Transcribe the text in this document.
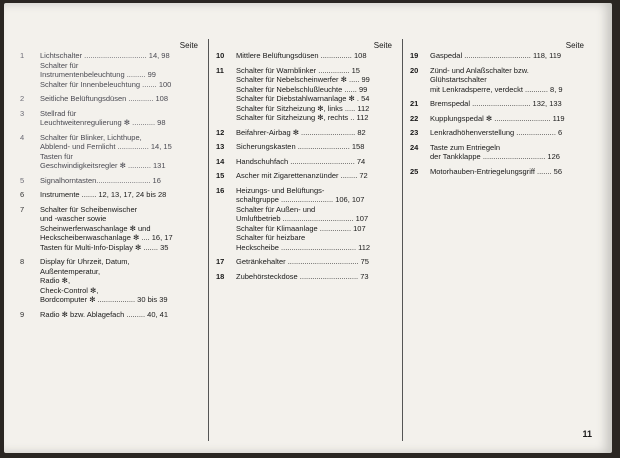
Seite
1	Lichtschalter .............................. 14, 98
Schalter für
Instrumentenbeleuchtung ......... 99
Schalter für Innenbeleuchtung ....... 100
2	Seitliche Belüftungsdüsen ............ 108
3	Stellrad für
Leuchtweitenregulierung ✻ ........... 98
4	Schalter für Blinker, Lichthupe,
Abblend- und Fernlicht ............... 14, 15
Tasten für
Geschwindigkeitsregler ✻ ........... 131
5	Signalhorntasten.......................... 16
6	Instrumente ....... 12, 13, 17, 24 bis 28
7	Schalter für Scheibenwischer
und -wascher sowie
Scheinwerferwaschanlage ✻ und
Heckscheibenwaschanlage ✻ .... 16, 17
Tasten für Multi-Info-Display ✻ ....... 35
8	Display für Uhrzeit, Datum,
Außentemperatur,
Radio ✻,
Check-Control ✻,
Bordcomputer ✻ .................. 30 bis 39
9	Radio ✻ bzw. Ablagefach ......... 40, 41
Seite
10	Mittlere Belüftungsdüsen ............... 108
11	Schalter für Warnblinker ............... 15
Schalter für Nebelscheinwerfer ✻ ..... 99
Schalter für Nebelschlußleuchte ...... 99
Schalter für Diebstahlwarnanlage ✻ . 54
Schalter für Sitzheizung ✻, links ..... 112
Schalter für Sitzheizung ✻, rechts .. 112
12	Beifahrer-Airbag ✻ .......................... 82
13	Sicherungskasten ......................... 158
14	Handschuhfach ............................... 74
15	Ascher mit Zigarettenanzünder ........ 72
16	Heizungs- und Belüftungs-
schaltgruppe ......................... 106, 107
Schalter für Außen- und
Umluftbetrieb .................................. 107
Schalter für Klimaanlage ............... 107
Schalter für heizbare
Heckscheibe .................................... 112
17	Getränkehalter .................................. 75
18	Zubehörsteckdose ............................ 73
Seite
19	Gaspedal ................................ 118, 119
20	Zünd- und Anlaßschalter bzw.
Glühstartschalter
mit Lenkradsperre, verdeckt ........... 8, 9
21	Bremspedal ............................ 132, 133
22	Kupplungspedal ✻ ........................... 119
23	Lenkradhöhenverstellung ................... 6
24	Taste zum Entriegeln
der Tankklappe .............................. 126
25	Motorhauben-Entriegelungsgriff ....... 56
11
